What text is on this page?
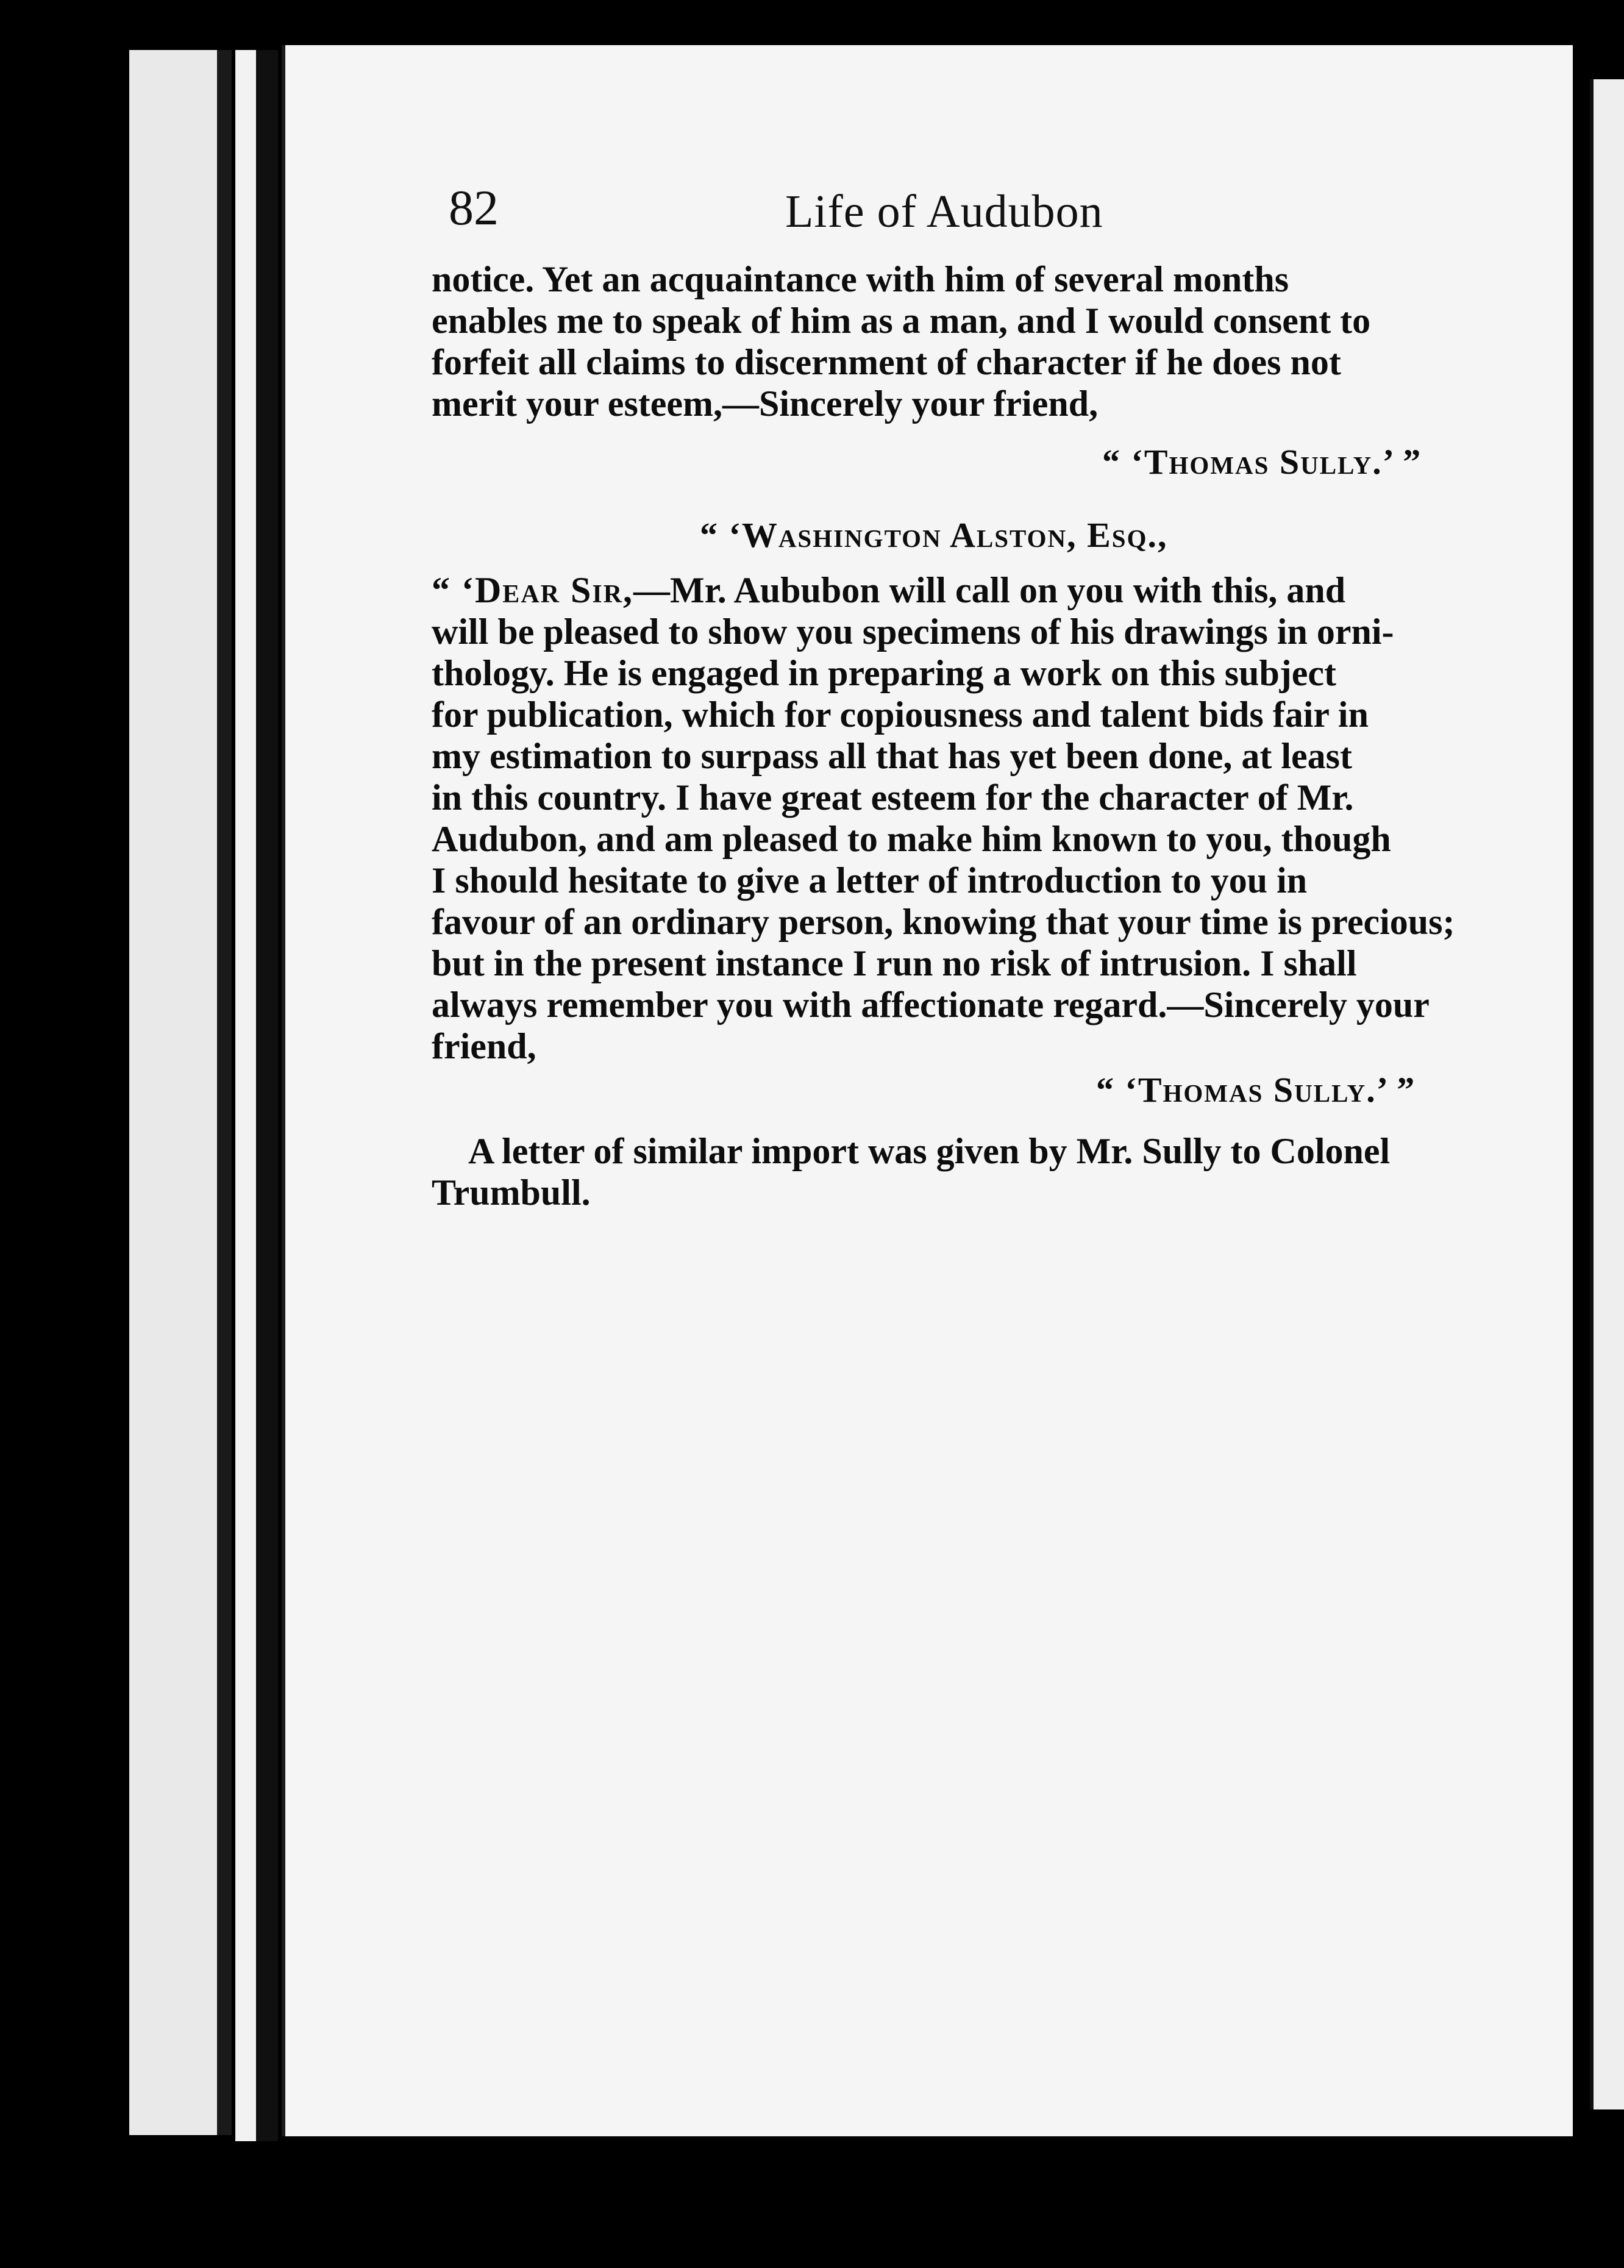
82	Life of Audubon
notice. Yet an acquaintance with him of several months
enables me to speak of him as a man, and I would consent to
forfeit all claims to discernment of character if he does not
merit your esteem,—Sincerely your friend,
“ ‘Thomas Sully.’ ”
“ ‘Washington Alston, Esq.,
“ ‘Dear Sir,—Mr. Aububon will call on you with this, and
will be pleased to show you specimens of his drawings in orni-
thology. He is engaged in preparing a work on this subject
for publication, which for copiousness and talent bids fair in
my estimation to surpass all that has yet been done, at least
in this country. I have great esteem for the character of Mr.
Audubon, and am pleased to make him known to you, though
I should hesitate to give a letter of introduction to you in
favour of an ordinary person, knowing that your time is precious;
but in the present instance I run no risk of intrusion. I shall
always remember you with affectionate regard.—Sincerely your
friend,
“ ‘Thomas Sully.’ ”
A letter of similar import was given by Mr. Sully to Colonel
Trumbull.
